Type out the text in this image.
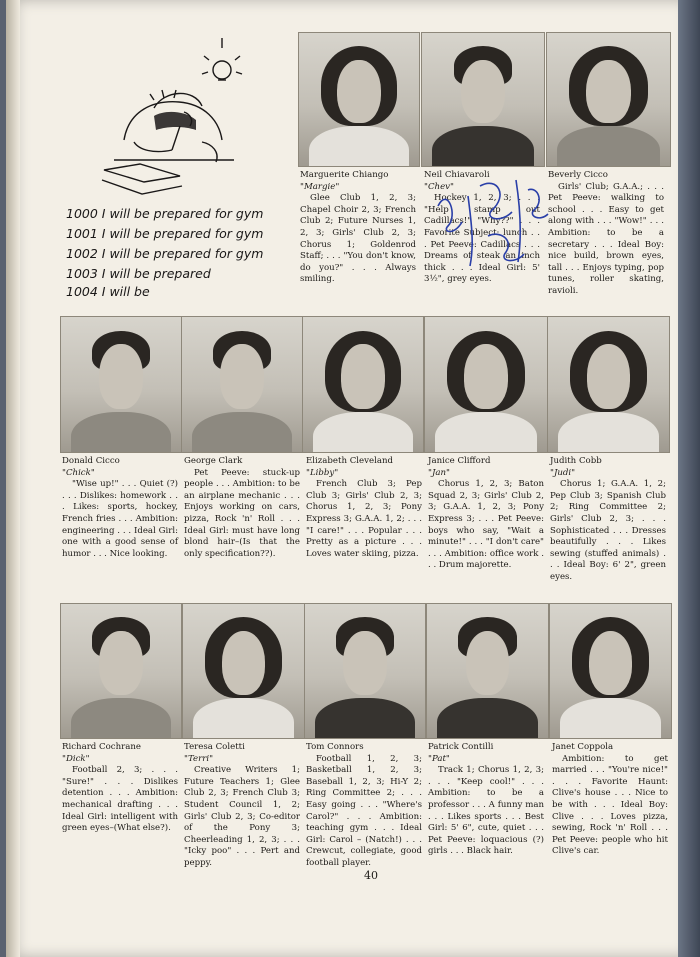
1000 I will be prepared for gym
1001 I will be prepared for gym
1002 I will be prepared for gym
1003 I will be prepared
1004 I will be
Marguerite Chiango
"Margie"
Glee Club 1, 2, 3; Chapel Choir 2, 3; French Club 2; Future Nurses 1, 2, 3; Girls' Club 2, 3; Chorus 1; Goldenrod Staff; . . . "You don't know, do you?" . . . Always smiling.
Neil Chiavaroli
"Chev"
Hockey 1, 2, 3; . . . "Help stamp out Cadillacs!" "Why??" . . . Favorite Subject: lunch . . . Pet Peeve: Cadillacs . . . Dreams of steak an inch thick . . . Ideal Girl: 5' 3½", grey eyes.
Beverly Cicco
Girls' Club; G.A.A.; . . . Pet Peeve: walking to school . . . Easy to get along with . . . "Wow!" . . . Ambition: to be a secretary . . . Ideal Boy: nice build, brown eyes, tall . . . Enjoys typing, pop tunes, roller skating, ravioli.
Donald Cicco
"Chick"
"Wise up!" . . . Quiet (?) . . . Dislikes: homework . . . Likes: sports, hockey, French fries . . . Ambition: engineering . . . Ideal Girl: one with a good sense of humor . . . Nice looking.
George Clark
Pet Peeve: stuck-up people . . . Ambition: to be an airplane mechanic . . . Enjoys working on cars, pizza, Rock 'n' Roll . . . Ideal Girl: must have long blond hair–(Is that the only specification??).
Elizabeth Cleveland
"Libby"
French Club 3; Pep Club 3; Girls' Club 2, 3; Chorus 1, 2, 3; Pony Express 3; G.A.A. 1, 2; . . . "I care!" . . . Popular . . . Pretty as a picture . . . Loves water skiing, pizza.
Janice Clifford
"Jan"
Chorus 1, 2, 3; Baton Squad 2, 3; Girls' Club 2, 3; G.A.A. 1, 2, 3; Pony Express 3; . . . Pet Peeve: boys who say, "Wait a minute!" . . . "I don't care" . . . Ambition: office work . . . Drum majorette.
Judith Cobb
"Judi"
Chorus 1; G.A.A. 1, 2; Pep Club 3; Spanish Club 2; Ring Committee 2; Girls' Club 2, 3; . . . Sophisticated . . . Dresses beautifully . . . Likes sewing (stuffed animals) . . . Ideal Boy: 6' 2", green eyes.
Richard Cochrane
"Dick"
Football 2, 3; . . . "Sure!" . . . Dislikes detention . . . Ambition: mechanical drafting . . . Ideal Girl: intelligent with green eyes–(What else?).
Teresa Coletti
"Terri"
Creative Writers 1; Future Teachers 1; Glee Club 2, 3; French Club 3; Student Council 1, 2; Girls' Club 2, 3; Co-editor of the Pony 3; Cheerleading 1, 2, 3; . . . "Icky poo" . . . Pert and peppy.
Tom Connors
Football 1, 2, 3; Basketball 1, 2, 3; Baseball 1, 2, 3; Hi-Y 2; Ring Committee 2; . . . Easy going . . . "Where's Carol?" . . . Ambition: teaching gym . . . Ideal Girl: Carol – (Natch!) . . . Crewcut, collegiate, good football player.
Patrick Contilli
"Pat"
Track 1; Chorus 1, 2, 3; . . . "Keep cool!" . . . Ambition: to be a professor . . . A funny man . . . Likes sports . . . Best Girl: 5' 6", cute, quiet . . . Pet Peeve: loquacious (?) girls . . . Black hair.
Janet Coppola
Ambition: to get married . . . "You're nice!" . . . Favorite Haunt: Clive's house . . . Nice to be with . . . Ideal Boy: Clive . . . Loves pizza, sewing, Rock 'n' Roll . . . Pet Peeve: people who hit Clive's car.
40
